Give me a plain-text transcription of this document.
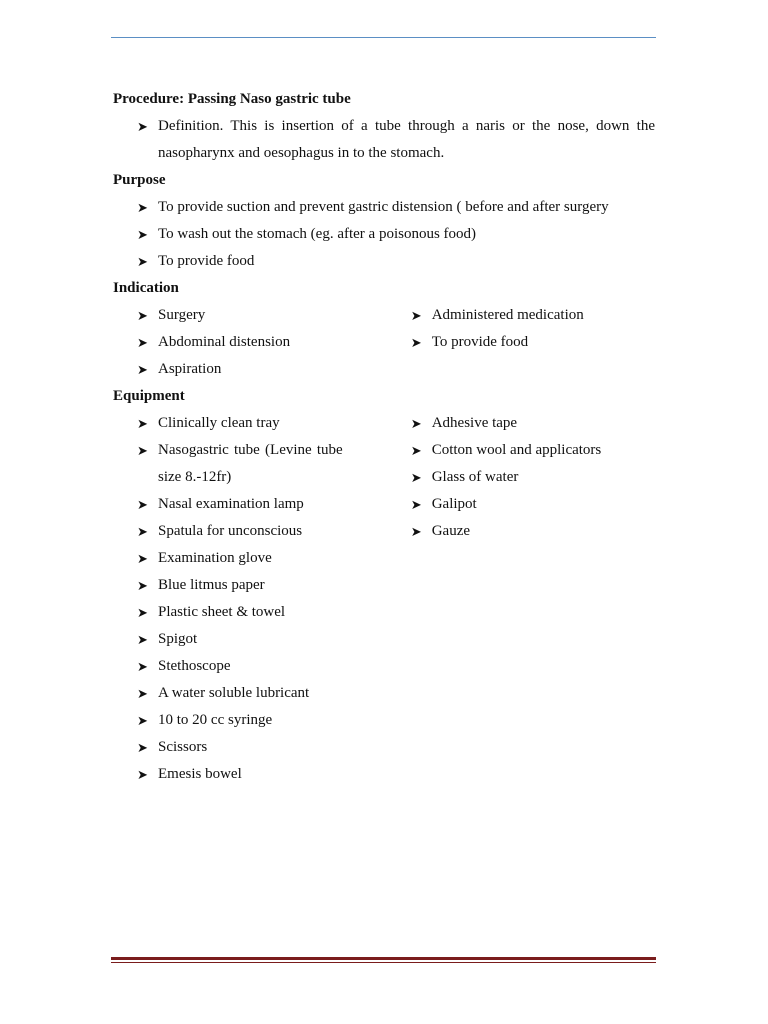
Procedure: Passing Naso gastric tube
➤ Definition. This is insertion of a tube through a naris or the nose, down the
nasopharynx and oesophagus in to the stomach.
Purpose
➤ To provide suction and prevent gastric distension ( before and after surgery
➤ To wash out the stomach (eg. after a poisonous food)
➤ To provide food
Indication
➤ Surgery
➤ Abdominal distension
➤ Aspiration
➤ Administered medication
➤ To provide food
Equipment
➤ Clinically clean tray
➤ Nasogastric tube (Levine tube
size 8.-12fr)
➤ Nasal examination lamp
➤ Spatula for unconscious
➤ Examination glove
➤ Blue litmus paper
➤ Plastic sheet & towel
➤ Spigot
➤ Stethoscope
➤ A water soluble lubricant
➤ 10 to 20 cc syringe
➤ Scissors
➤ Emesis bowel
➤ Adhesive tape
➤ Cotton wool and applicators
➤ Glass of water
➤ Galipot
➤ Gauze
